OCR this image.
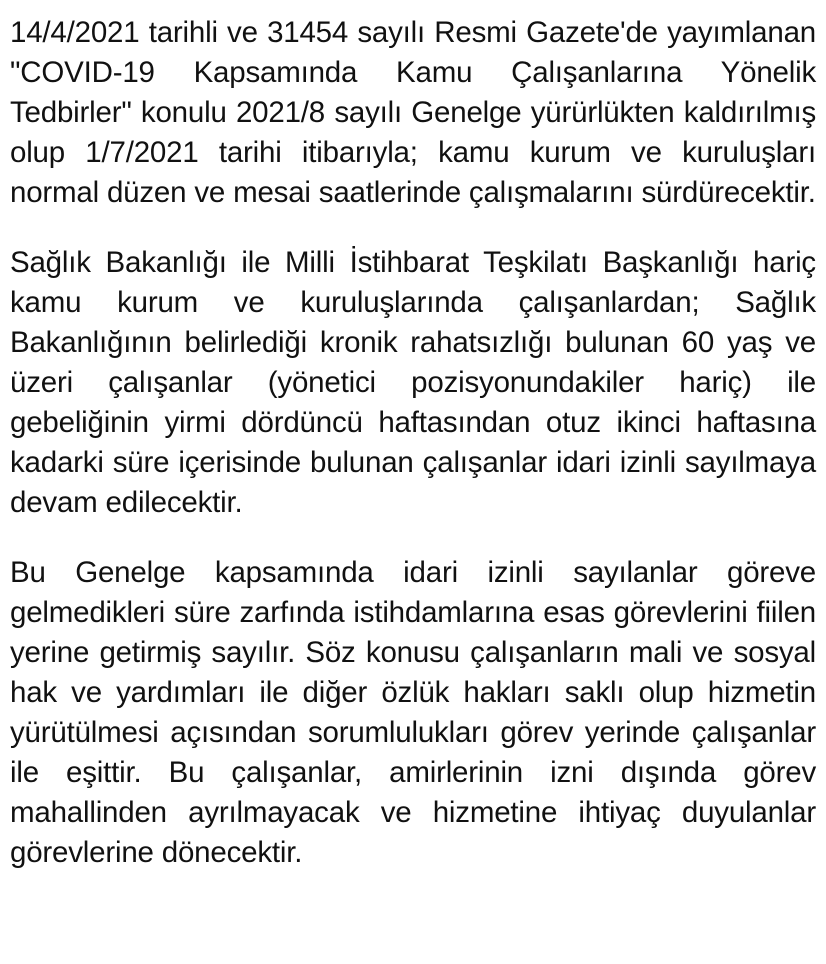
14/4/2021 tarihli ve 31454 sayılı Resmi Gazete'de yayımlanan "COVID-19 Kapsamında Kamu Çalışanlarına Yönelik Tedbirler" konulu 2021/8 sayılı Genelge yürürlükten kaldırılmış olup 1/7/2021 tarihi itibarıyla; kamu kurum ve kuruluşları normal düzen ve mesai saatlerinde çalışmalarını sürdürecektir.

Sağlık Bakanlığı ile Milli İstihbarat Teşkilatı Başkanlığı hariç kamu kurum ve kuruluşlarında çalışanlardan; Sağlık Bakanlığının belirlediği kronik rahatsızlığı bulunan 60 yaş ve üzeri çalışanlar (yönetici pozisyonundakiler hariç) ile gebeliğinin yirmi dördüncü haftasından otuz ikinci haftasına kadarki süre içerisinde bulunan çalışanlar idari izinli sayılmaya devam edilecektir.

Bu Genelge kapsamında idari izinli sayılanlar göreve gelmedikleri süre zarfında istihdamlarına esas görevlerini fiilen yerine getirmiş sayılır. Söz konusu çalışanların mali ve sosyal hak ve yardımları ile diğer özlük hakları saklı olup hizmetin yürütülmesi açısından sorumlulukları görev yerinde çalışanlar ile eşittir. Bu çalışanlar, amirlerinin izni dışında görev mahallinden ayrılmayacak ve hizmetine ihtiyaç duyulanlar görevlerine dönecektir.
